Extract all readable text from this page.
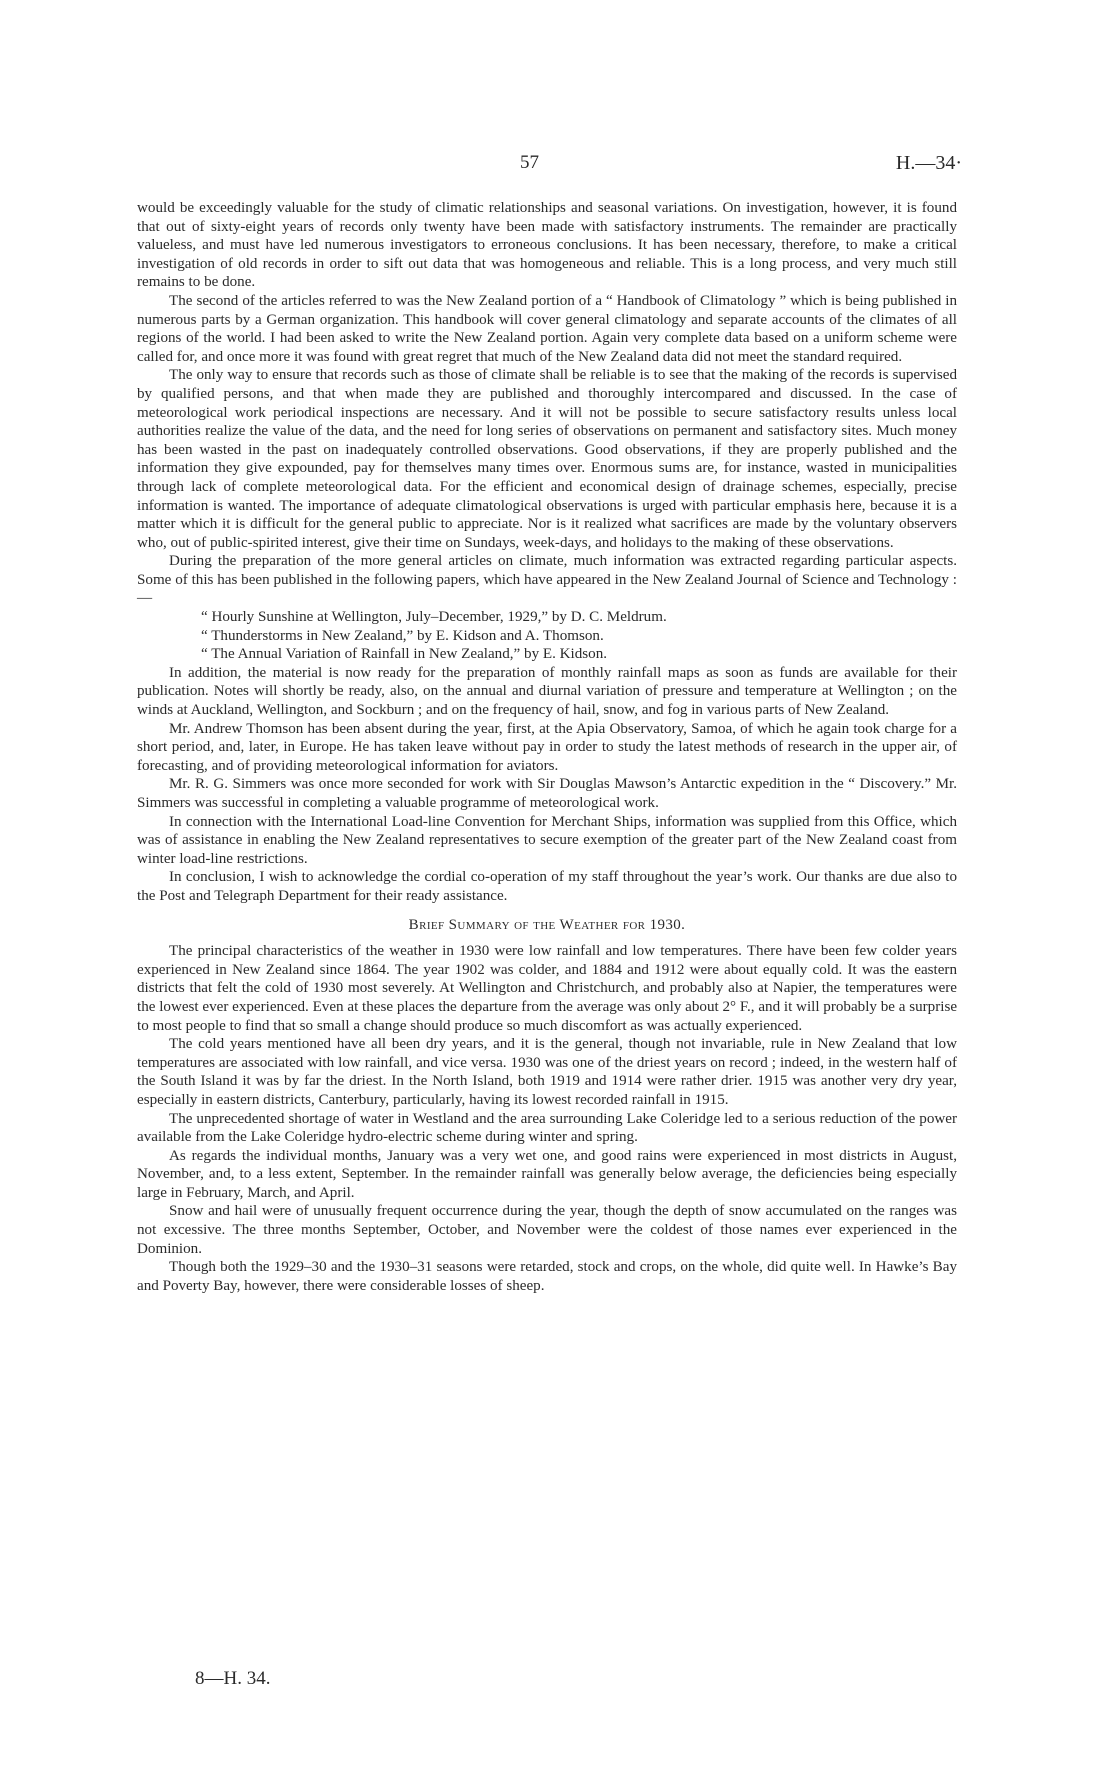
57	H.—34·

would be exceedingly valuable for the study of climatic relationships and seasonal variations. On investigation, however, it is found that out of sixty-eight years of records only twenty have been made with satisfactory instruments. The remainder are practically valueless, and must have led numerous investigators to erroneous conclusions. It has been necessary, therefore, to make a critical investigation of old records in order to sift out data that was homogeneous and reliable. This is a long process, and very much still remains to be done.

The second of the articles referred to was the New Zealand portion of a “ Handbook of Climatology ” which is being published in numerous parts by a German organization. This handbook will cover general climatology and separate accounts of the climates of all regions of the world. I had been asked to write the New Zealand portion. Again very complete data based on a uniform scheme were called for, and once more it was found with great regret that much of the New Zealand data did not meet the standard required.

The only way to ensure that records such as those of climate shall be reliable is to see that the making of the records is supervised by qualified persons, and that when made they are published and thoroughly intercompared and discussed. In the case of meteorological work periodical inspections are necessary. And it will not be possible to secure satisfactory results unless local authorities realize the value of the data, and the need for long series of observations on permanent and satisfactory sites. Much money has been wasted in the past on inadequately controlled observations. Good observations, if they are properly published and the information they give expounded, pay for themselves many times over. Enormous sums are, for instance, wasted in municipalities through lack of complete meteorological data. For the efficient and economical design of drainage schemes, especially, precise information is wanted. The importance of adequate climatological observations is urged with particular emphasis here, because it is a matter which it is difficult for the general public to appreciate. Nor is it realized what sacrifices are made by the voluntary observers who, out of public-spirited interest, give their time on Sundays, week-days, and holidays to the making of these observations.

During the preparation of the more general articles on climate, much information was extracted regarding particular aspects. Some of this has been published in the following papers, which have appeared in the New Zealand Journal of Science and Technology :—

“ Hourly Sunshine at Wellington, July–December, 1929,” by D. C. Meldrum.

“ Thunderstorms in New Zealand,” by E. Kidson and A. Thomson.

“ The Annual Variation of Rainfall in New Zealand,” by E. Kidson.

In addition, the material is now ready for the preparation of monthly rainfall maps as soon as funds are available for their publication. Notes will shortly be ready, also, on the annual and diurnal variation of pressure and temperature at Wellington ; on the winds at Auckland, Wellington, and Sockburn ; and on the frequency of hail, snow, and fog in various parts of New Zealand.

Mr. Andrew Thomson has been absent during the year, first, at the Apia Observatory, Samoa, of which he again took charge for a short period, and, later, in Europe. He has taken leave without pay in order to study the latest methods of research in the upper air, of forecasting, and of providing meteorological information for aviators.

Mr. R. G. Simmers was once more seconded for work with Sir Douglas Mawson’s Antarctic expedition in the “ Discovery.” Mr. Simmers was successful in completing a valuable programme of meteorological work.

In connection with the International Load-line Convention for Merchant Ships, information was supplied from this Office, which was of assistance in enabling the New Zealand representatives to secure exemption of the greater part of the New Zealand coast from winter load-line restrictions.

In conclusion, I wish to acknowledge the cordial co-operation of my staff throughout the year’s work. Our thanks are due also to the Post and Telegraph Department for their ready assistance.

Brief Summary of the Weather for 1930.

The principal characteristics of the weather in 1930 were low rainfall and low temperatures. There have been few colder years experienced in New Zealand since 1864. The year 1902 was colder, and 1884 and 1912 were about equally cold. It was the eastern districts that felt the cold of 1930 most severely. At Wellington and Christchurch, and probably also at Napier, the temperatures were the lowest ever experienced. Even at these places the departure from the average was only about 2° F., and it will probably be a surprise to most people to find that so small a change should produce so much discomfort as was actually experienced.

The cold years mentioned have all been dry years, and it is the general, though not invariable, rule in New Zealand that low temperatures are associated with low rainfall, and vice versa. 1930 was one of the driest years on record ; indeed, in the western half of the South Island it was by far the driest. In the North Island, both 1919 and 1914 were rather drier. 1915 was another very dry year, especially in eastern districts, Canterbury, particularly, having its lowest recorded rainfall in 1915.

The unprecedented shortage of water in Westland and the area surrounding Lake Coleridge led to a serious reduction of the power available from the Lake Coleridge hydro-electric scheme during winter and spring.

As regards the individual months, January was a very wet one, and good rains were experienced in most districts in August, November, and, to a less extent, September. In the remainder rainfall was generally below average, the deficiencies being especially large in February, March, and April.

Snow and hail were of unusually frequent occurrence during the year, though the depth of snow accumulated on the ranges was not excessive. The three months September, October, and November were the coldest of those names ever experienced in the Dominion.

Though both the 1929–30 and the 1930–31 seasons were retarded, stock and crops, on the whole, did quite well. In Hawke’s Bay and Poverty Bay, however, there were considerable losses of sheep.

8—H. 34.
